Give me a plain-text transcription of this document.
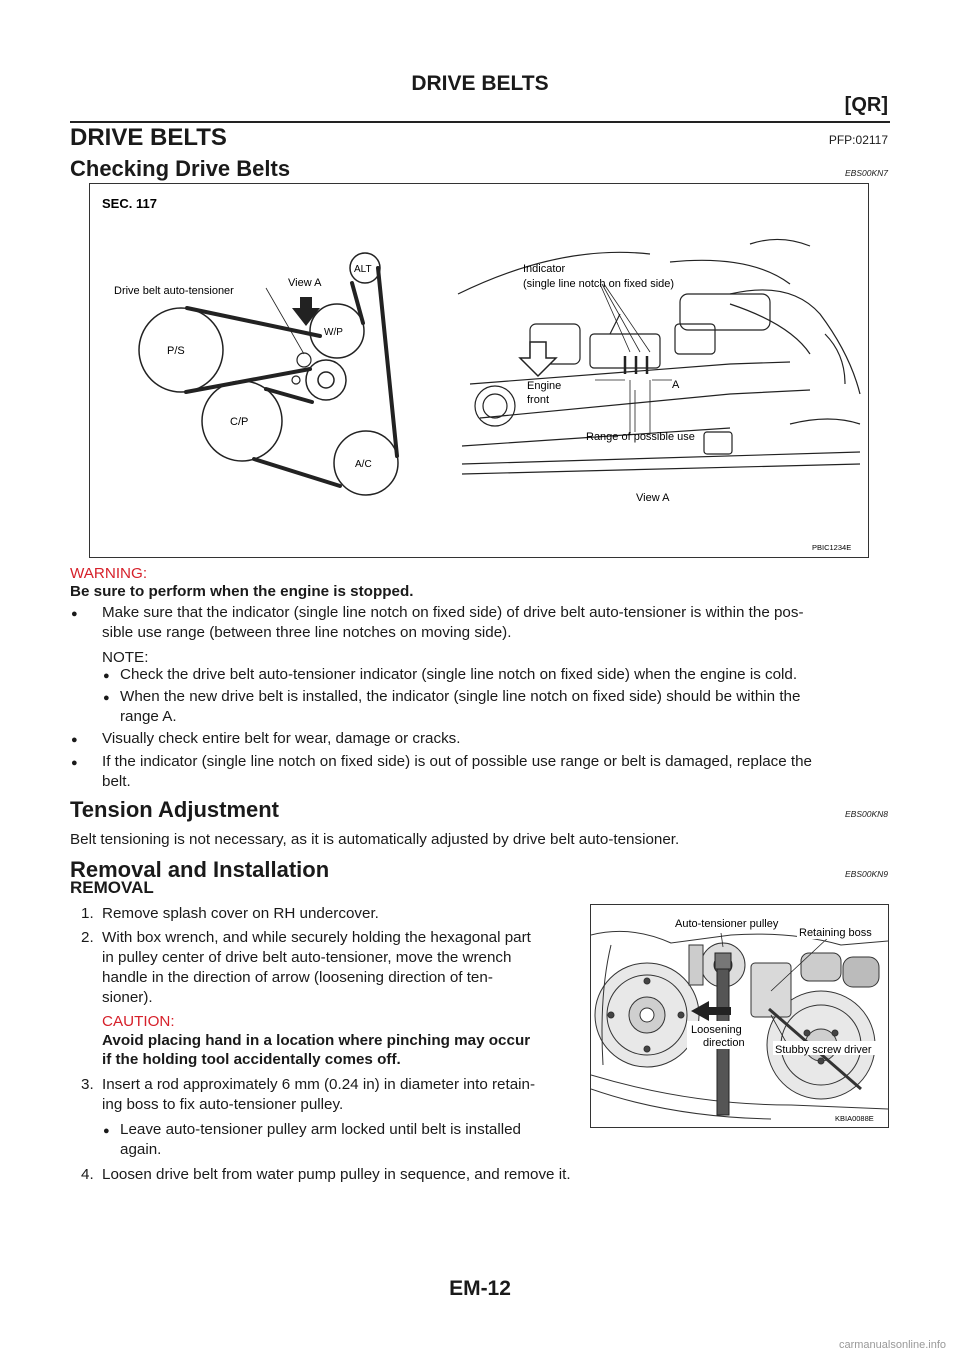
DRIVE BELTS
[QR]
DRIVE BELTS	PFP:02117
Checking Drive Belts	EBS00KN7
SEC. 117
Drive belt auto-tensioner
View A
ALT
W/P
P/S
C/P
A/C
Indicator
(single line notch on fixed side)
Engine
front
A
Range of possible use
View A
PBIC1234E
WARNING:
Be sure to perform when the engine is stopped.
● Make sure that the indicator (single line notch on fixed side) of drive belt auto-tensioner is within the pos-
sible use range (between three line notches on moving side).
NOTE:
● Check the drive belt auto-tensioner indicator (single line notch on fixed side) when the engine is cold.
● When the new drive belt is installed, the indicator (single line notch on fixed side) should be within the
range A.
● Visually check entire belt for wear, damage or cracks.
● If the indicator (single line notch on fixed side) is out of possible use range or belt is damaged, replace the
belt.
Tension Adjustment	EBS00KN8
Belt tensioning is not necessary, as it is automatically adjusted by drive belt auto-tensioner.
Removal and Installation	EBS00KN9
REMOVAL
1. Remove splash cover on RH undercover.
2. With box wrench, and while securely holding the hexagonal part
in pulley center of drive belt auto-tensioner, move the wrench
handle in the direction of arrow (loosening direction of ten-
sioner).
CAUTION:
Avoid placing hand in a location where pinching may occur
if the holding tool accidentally comes off.
3. Insert a rod approximately 6 mm (0.24 in) in diameter into retain-
ing boss to fix auto-tensioner pulley.
● Leave auto-tensioner pulley arm locked until belt is installed
again.
4. Loosen drive belt from water pump pulley in sequence, and remove it.
Auto-tensioner pulley
Retaining boss
Loosening
direction
Stubby screw driver
KBIA0088E
EM-12
carmanualsonline.info
